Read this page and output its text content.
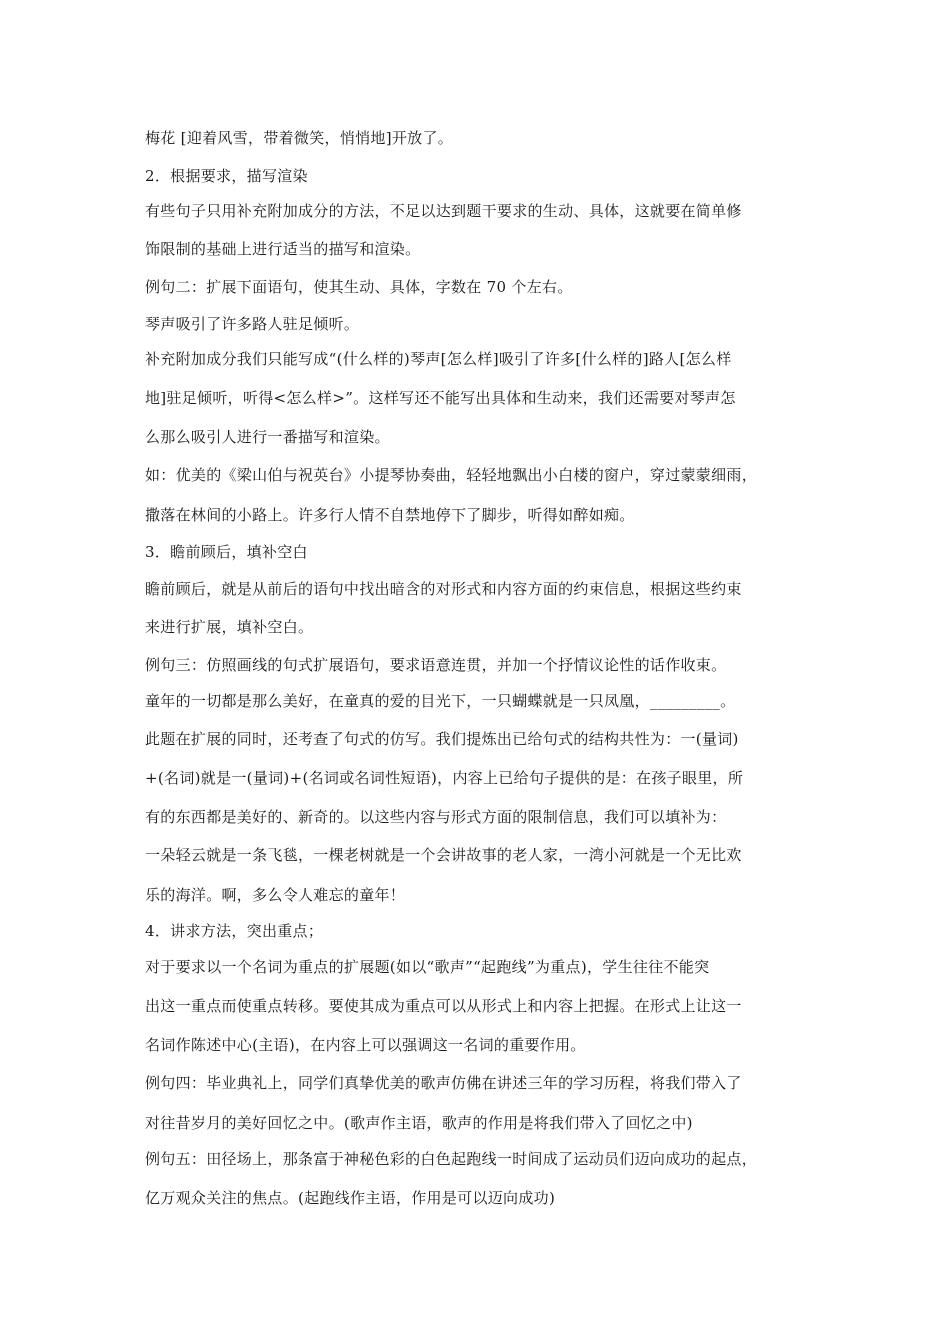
梅花 [迎着风雪，带着微笑，悄悄地]开放了。
2．根据要求，描写渲染
有些句子只用补充附加成分的方法，不足以达到题干要求的生动、具体，这就要在简单修
饰限制的基础上进行适当的描写和渲染。
例句二：扩展下面语句，使其生动、具体，字数在 70 个左右。
琴声吸引了许多路人驻足倾听。
补充附加成分我们只能写成“(什么样的)琴声[怎么样]吸引了许多[什么样的]路人[怎么样
地]驻足倾听，听得<怎么样>”。这样写还不能写出具体和生动来，我们还需要对琴声怎
么那么吸引人进行一番描写和渲染。
如：优美的《梁山伯与祝英台》小提琴协奏曲，轻轻地飘出小白楼的窗户，穿过蒙蒙细雨，
撒落在林间的小路上。许多行人情不自禁地停下了脚步，听得如醉如痴。
3．瞻前顾后，填补空白
瞻前顾后，就是从前后的语句中找出暗含的对形式和内容方面的约束信息，根据这些约束
来进行扩展，填补空白。
例句三：仿照画线的句式扩展语句，要求语意连贯，并加一个抒情议论性的话作收束。
童年的一切都是那么美好，在童真的爱的目光下，一只蝴蝶就是一只凤凰，_________。
此题在扩展的同时，还考查了句式的仿写。我们提炼出已给句式的结构共性为：一(量词)
+(名词)就是一(量词)+(名词或名词性短语)，内容上已给句子提供的是：在孩子眼里，所
有的东西都是美好的、新奇的。以这些内容与形式方面的限制信息，我们可以填补为：
一朵轻云就是一条飞毯，一棵老树就是一个会讲故事的老人家，一湾小河就是一个无比欢
乐的海洋。啊，多么令人难忘的童年！
4．讲求方法，突出重点；
对于要求以一个名词为重点的扩展题(如以“歌声”“起跑线”为重点)，学生往往不能突
出这一重点而使重点转移。要使其成为重点可以从形式上和内容上把握。在形式上让这一
名词作陈述中心(主语)，在内容上可以强调这一名词的重要作用。
例句四：毕业典礼上，同学们真挚优美的歌声仿佛在讲述三年的学习历程，将我们带入了
对往昔岁月的美好回忆之中。(歌声作主语，歌声的作用是将我们带入了回忆之中)
例句五：田径场上，那条富于神秘色彩的白色起跑线一时间成了运动员们迈向成功的起点，
亿万观众关注的焦点。(起跑线作主语，作用是可以迈向成功)
